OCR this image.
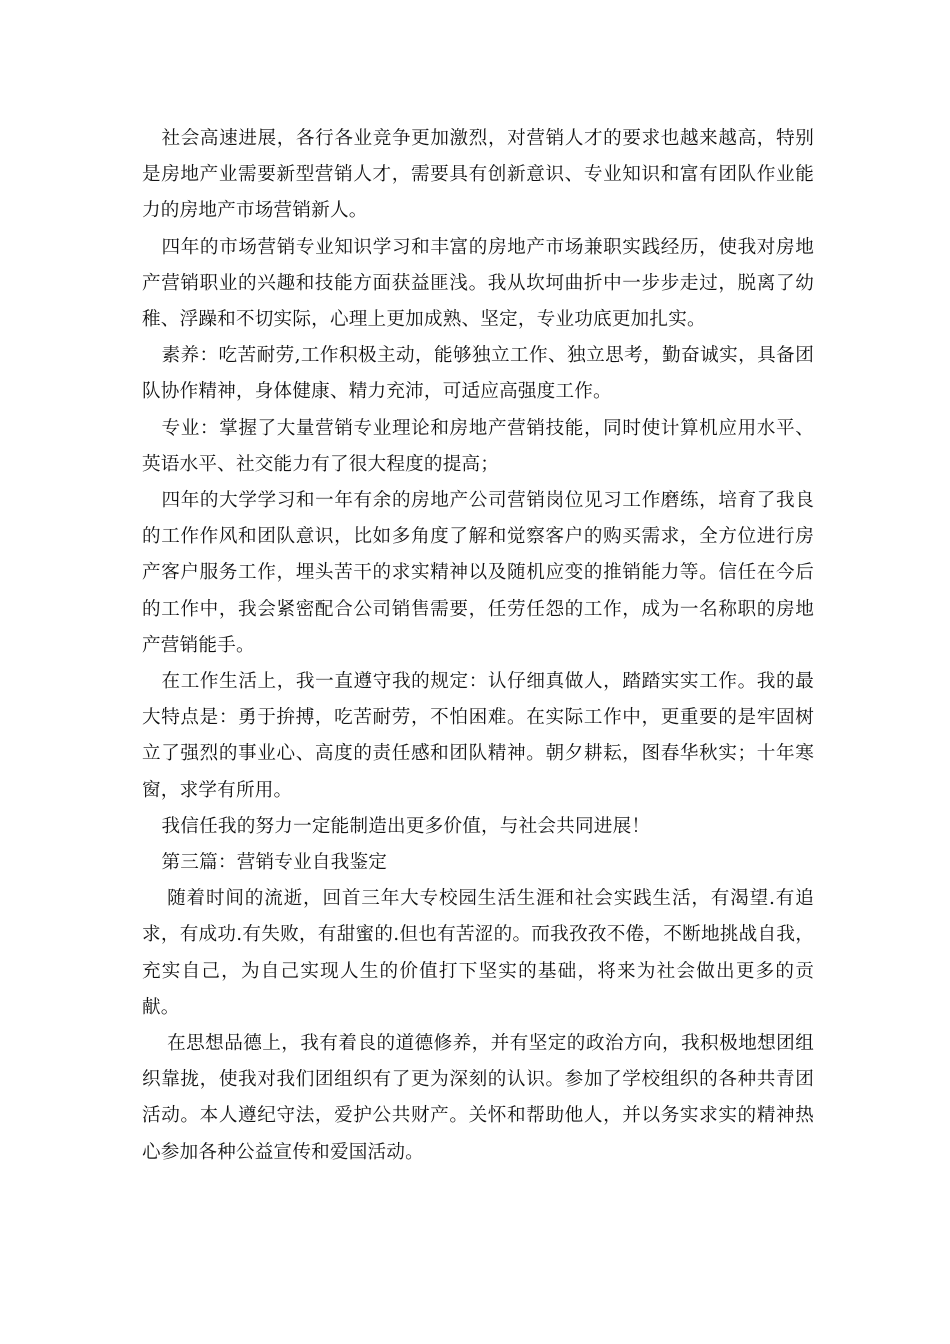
社会高速进展，各行各业竞争更加激烈，对营销人才的要求也越来越高，特别是房地产业需要新型营销人才，需要具有创新意识、专业知识和富有团队作业能力的房地产市场营销新人。

四年的市场营销专业知识学习和丰富的房地产市场兼职实践经历，使我对房地产营销职业的兴趣和技能方面获益匪浅。我从坎坷曲折中一步步走过，脱离了幼稚、浮躁和不切实际，心理上更加成熟、坚定，专业功底更加扎实。

素养：吃苦耐劳,工作积极主动，能够独立工作、独立思考，勤奋诚实，具备团队协作精神，身体健康、精力充沛，可适应高强度工作。

专业：掌握了大量营销专业理论和房地产营销技能，同时使计算机应用水平、英语水平、社交能力有了很大程度的提高；

四年的大学学习和一年有余的房地产公司营销岗位见习工作磨练，培育了我良的工作作风和团队意识，比如多角度了解和觉察客户的购买需求，全方位进行房产客户服务工作，埋头苦干的求实精神以及随机应变的推销能力等。信任在今后的工作中，我会紧密配合公司销售需要，任劳任怨的工作，成为一名称职的房地产营销能手。

在工作生活上，我一直遵守我的规定：认仔细真做人，踏踏实实工作。我的最大特点是：勇于拚搏，吃苦耐劳，不怕困难。在实际工作中，更重要的是牢固树立了强烈的事业心、高度的责任感和团队精神。朝夕耕耘，图春华秋实；十年寒窗，求学有所用。

我信任我的努力一定能制造出更多价值，与社会共同进展！

第三篇：营销专业自我鉴定

随着时间的流逝，回首三年大专校园生活生涯和社会实践生活，有渴望.有追求，有成功.有失败，有甜蜜的.但也有苦涩的。而我孜孜不倦，不断地挑战自我，充实自己，为自己实现人生的价值打下坚实的基础，将来为社会做出更多的贡献。

在思想品德上，我有着良的道德修养，并有坚定的政治方向，我积极地想团组织靠拢，使我对我们团组织有了更为深刻的认识。参加了学校组织的各种共青团活动。本人遵纪守法，爱护公共财产。关怀和帮助他人，并以务实求实的精神热心参加各种公益宣传和爱国活动。
